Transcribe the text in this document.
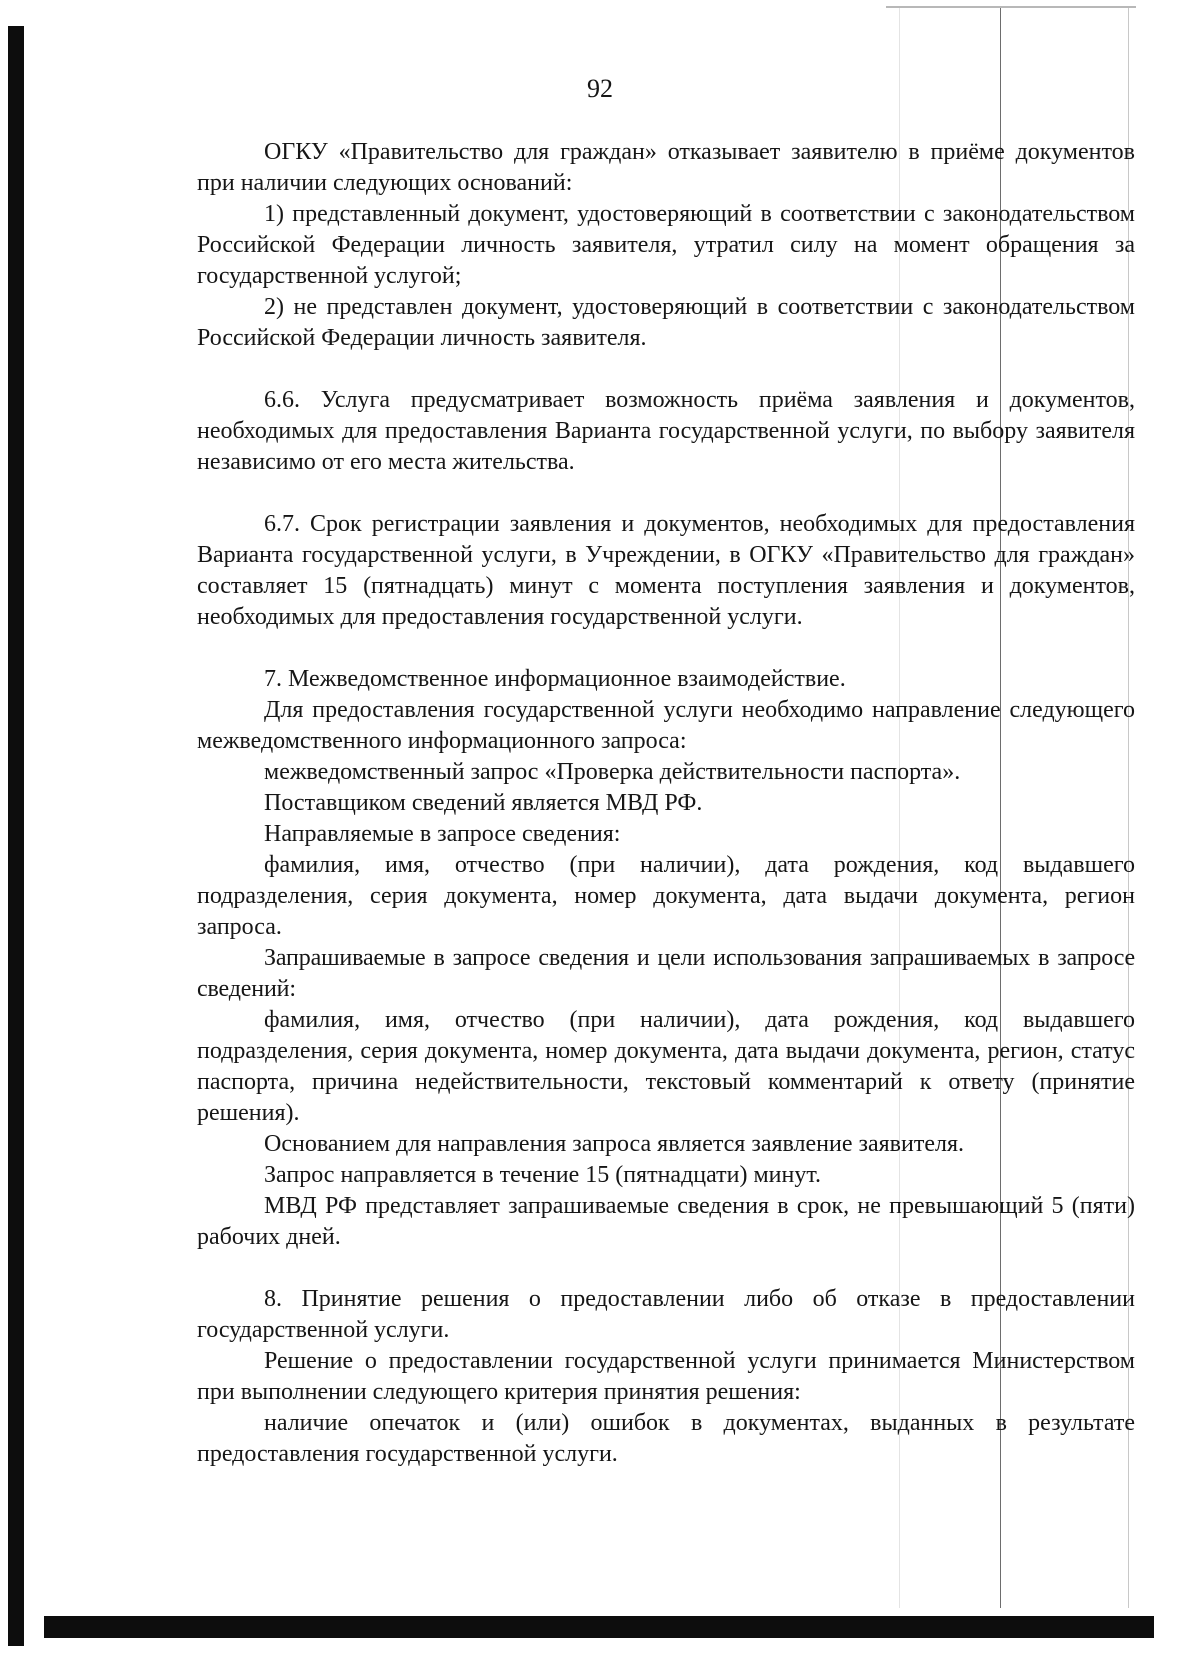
92

ОГКУ «Правительство для граждан» отказывает заявителю в приёме документов при наличии следующих оснований:

1) представленный документ, удостоверяющий в соответствии с законодательством Российской Федерации личность заявителя, утратил силу на момент обращения за государственной услугой;

2) не представлен документ, удостоверяющий в соответствии с законодательством Российской Федерации личность заявителя.

6.6. Услуга предусматривает возможность приёма заявления и документов, необходимых для предоставления Варианта государственной услуги, по выбору заявителя независимо от его места жительства.

6.7. Срок регистрации заявления и документов, необходимых для предоставления Варианта государственной услуги, в Учреждении, в ОГКУ «Правительство для граждан» составляет 15 (пятнадцать) минут с момента поступления заявления и документов, необходимых для предоставления государственной услуги.

7. Межведомственное информационное взаимодействие.

Для предоставления государственной услуги необходимо направление следующего межведомственного информационного запроса:

межведомственный запрос «Проверка действительности паспорта».

Поставщиком сведений является МВД РФ.

Направляемые в запросе сведения:

фамилия, имя, отчество (при наличии), дата рождения, код выдавшего подразделения, серия документа, номер документа, дата выдачи документа, регион запроса.

Запрашиваемые в запросе сведения и цели использования запрашиваемых в запросе сведений:

фамилия, имя, отчество (при наличии), дата рождения, код выдавшего подразделения, серия документа, номер документа, дата выдачи документа, регион, статус паспорта, причина недействительности, текстовый комментарий к ответу (принятие решения).

Основанием для направления запроса является заявление заявителя.

Запрос направляется в течение 15 (пятнадцати) минут.

МВД РФ представляет запрашиваемые сведения в срок, не превышающий 5 (пяти) рабочих дней.

8. Принятие решения о предоставлении либо об отказе в предоставлении государственной услуги.

Решение о предоставлении государственной услуги принимается Министерством при выполнении следующего критерия принятия решения:

наличие опечаток и (или) ошибок в документах, выданных в результате предоставления государственной услуги.
